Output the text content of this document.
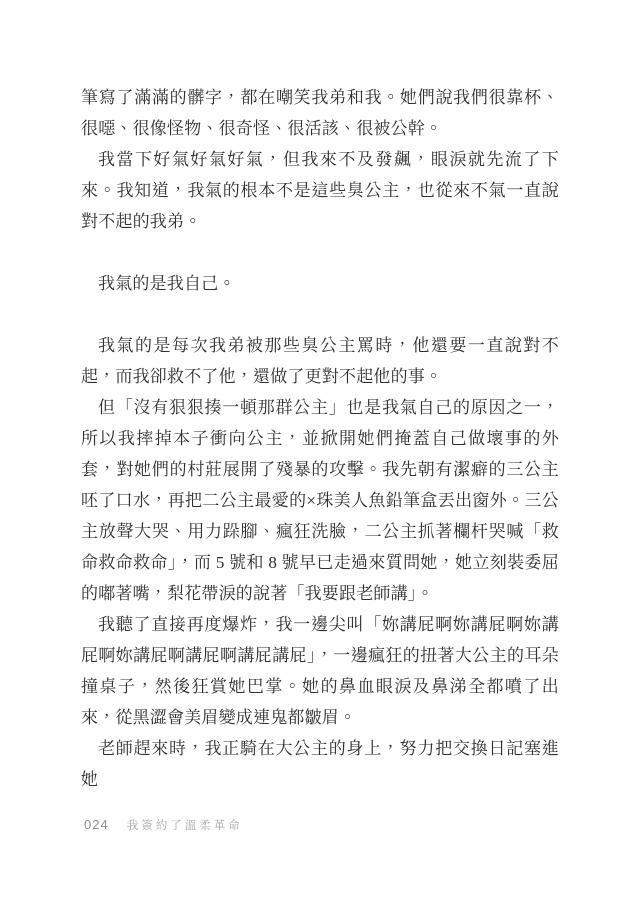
筆寫了滿滿的髒字，都在嘲笑我弟和我。她們說我們很靠杯、很噁、很像怪物、很奇怪、很活該、很被公幹。

我當下好氣好氣好氣，但我來不及發飆，眼淚就先流了下來。我知道，我氣的根本不是這些臭公主，也從來不氣一直說對不起的我弟。

我氣的是我自己。

我氣的是每次我弟被那些臭公主罵時，他還要一直說對不起，而我卻救不了他，還做了更對不起他的事。

但「沒有狠狠揍一頓那群公主」也是我氣自己的原因之一，所以我摔掉本子衝向公主，並掀開她們掩蓋自己做壞事的外套，對她們的村莊展開了殘暴的攻擊。我先朝有潔癖的三公主呸了口水，再把二公主最愛的×珠美人魚鉛筆盒丟出窗外。三公主放聲大哭、用力跺腳、瘋狂洗臉，二公主抓著欄杆哭喊「救命救命救命」，而 5 號和 8 號早已走過來質問她，她立刻裝委屈的嘟著嘴，梨花帶淚的說著「我要跟老師講」。

我聽了直接再度爆炸，我一邊尖叫「妳講屁啊妳講屁啊妳講屁啊妳講屁啊講屁啊講屁講屁」，一邊瘋狂的扭著大公主的耳朵撞桌子，然後狂賞她巴掌。她的鼻血眼淚及鼻涕全都噴了出來，從黑澀會美眉變成連鬼都皺眉。

老師趕來時，我正騎在大公主的身上，努力把交換日記塞進她

024 我簽約了溫柔革命
